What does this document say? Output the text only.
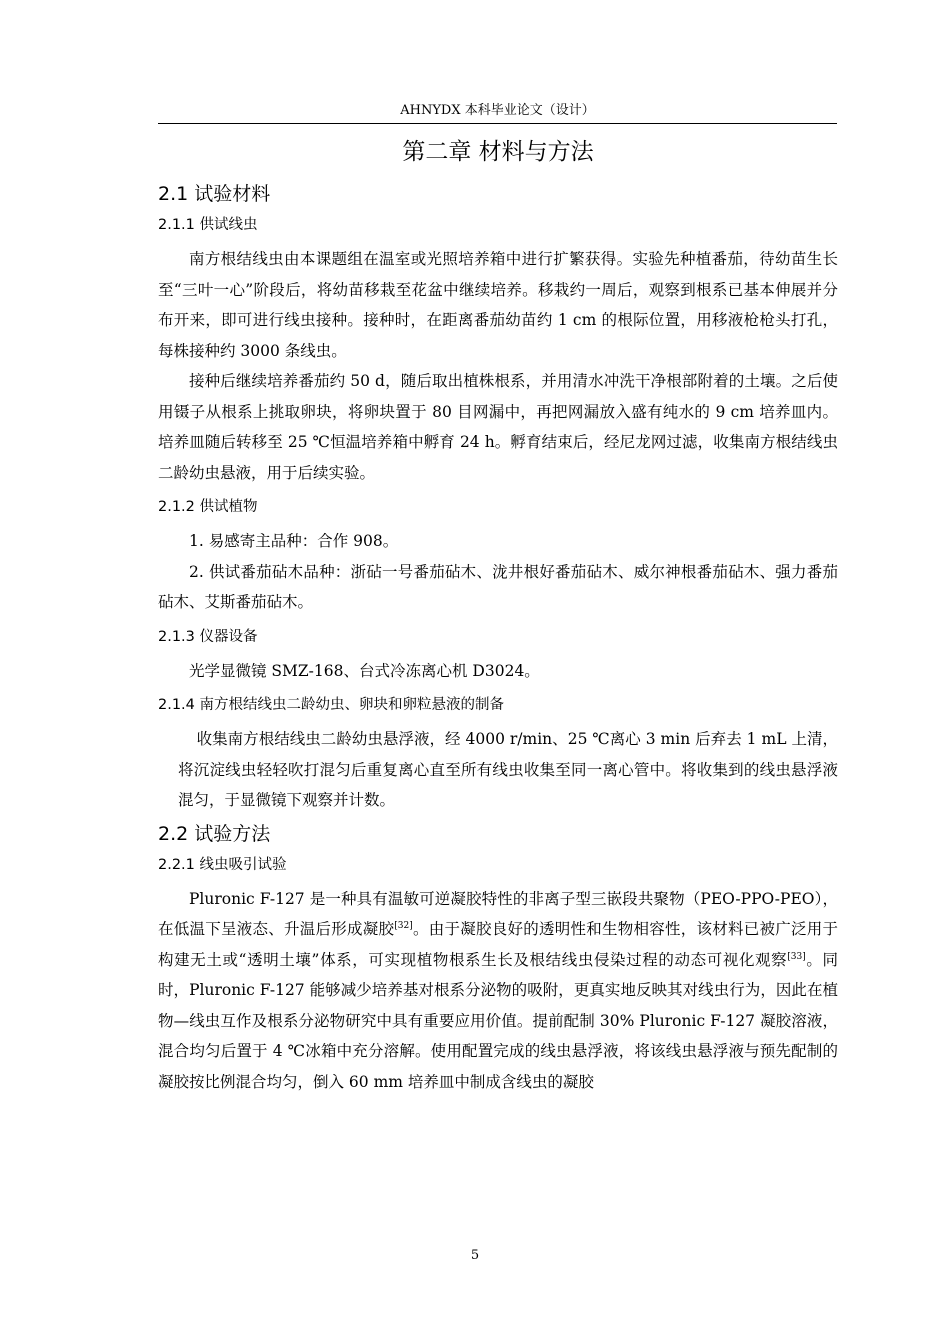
AHNYDX 本科毕业论文（设计）
第二章 材料与方法
2.1 试验材料
2.1.1 供试线虫

南方根结线虫由本课题组在温室或光照培养箱中进行扩繁获得。实验先种植番茄，待幼苗生长至“三叶一心”阶段后，将幼苗移栽至花盆中继续培养。移栽约一周后，观察到根系已基本伸展并分布开来，即可进行线虫接种。接种时，在距离番茄幼苗约 1 cm 的根际位置，用移液枪枪头打孔，每株接种约 3000 条线虫。

接种后继续培养番茄约 50 d，随后取出植株根系，并用清水冲洗干净根部附着的土壤。之后使用镊子从根系上挑取卵块，将卵块置于 80 目网漏中，再把网漏放入盛有纯水的 9 cm 培养皿内。培养皿随后转移至 25 ℃恒温培养箱中孵育 24 h。孵育结束后，经尼龙网过滤，收集南方根结线虫二龄幼虫悬液，用于后续实验。

2.1.2 供试植物

1. 易感寄主品种：合作 908。

2. 供试番茄砧木品种：浙砧一号番茄砧木、泷井根好番茄砧木、威尔神根番茄砧木、强力番茄砧木、艾斯番茄砧木。

2.1.3 仪器设备

光学显微镜 SMZ-168、台式冷冻离心机 D3024。

2.1.4 南方根结线虫二龄幼虫、卵块和卵粒悬液的制备

收集南方根结线虫二龄幼虫悬浮液，经 4000 r/min、25 ℃离心 3 min 后弃去 1 mL 上清，将沉淀线虫轻轻吹打混匀后重复离心直至所有线虫收集至同一离心管中。将收集到的线虫悬浮液混匀，于显微镜下观察并计数。

2.2 试验方法
2.2.1 线虫吸引试验

Pluronic F-127 是一种具有温敏可逆凝胶特性的非离子型三嵌段共聚物（PEO-PPO-PEO），在低温下呈液态、升温后形成凝胶[32]。由于凝胶良好的透明性和生物相容性，该材料已被广泛用于构建无土或“透明土壤”体系，可实现植物根系生长及根结线虫侵染过程的动态可视化观察[33]。同时，Pluronic F-127 能够减少培养基对根系分泌物的吸附，更真实地反映其对线虫行为，因此在植物—线虫互作及根系分泌物研究中具有重要应用价值。提前配制 30% Pluronic F-127 凝胶溶液，混合均匀后置于 4 ℃冰箱中充分溶解。使用配置完成的线虫悬浮液，将该线虫悬浮液与预先配制的凝胶按比例混合均匀，倒入 60 mm 培养皿中制成含线虫的凝胶

5
